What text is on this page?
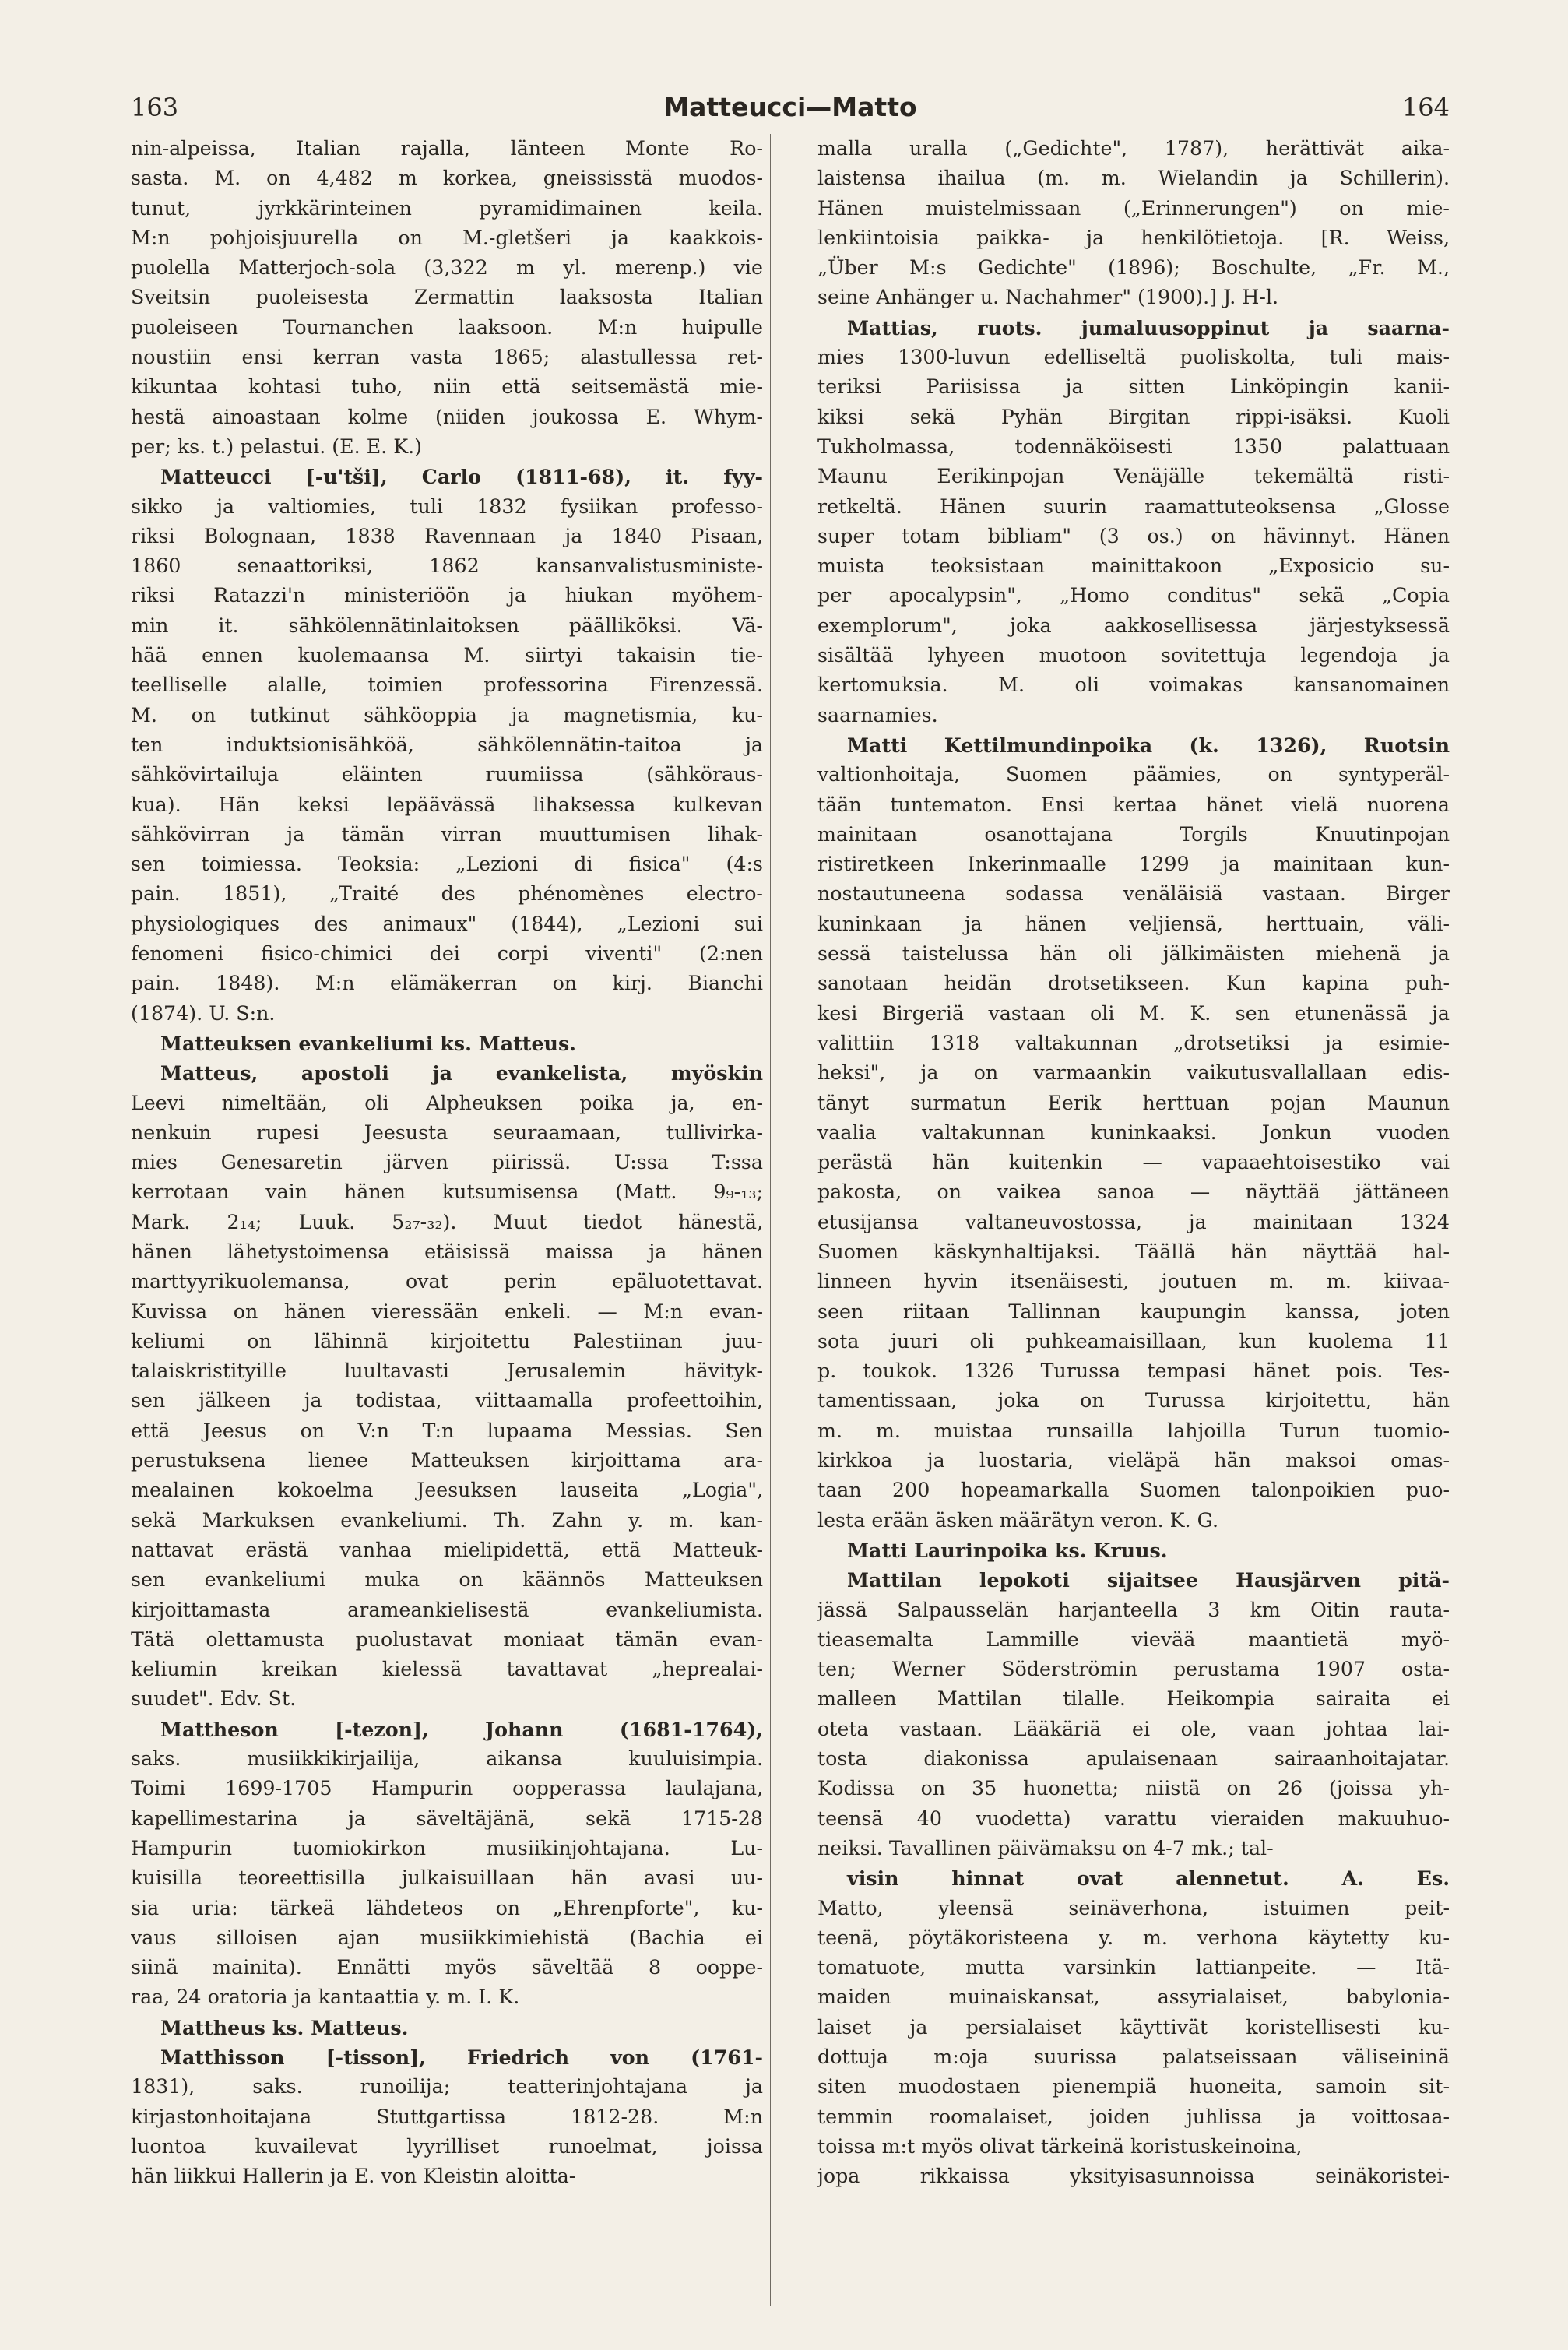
163	Matteucci—Matto	164
nin-alpeissa, Italian rajalla, länteen Monte Ro-
sasta. M. on 4,482 m korkea, gneississtä muodos-
tunut, jyrkkärinteinen pyramidimainen keila.
M:n pohjoisjuurella on M.-gletšeri ja kaakkois-
puolella Matterjoch-sola (3,322 m yl. merenp.) vie
Sveitsin puoleisesta Zermattin laaksosta Italian
puoleiseen Tournanchen laaksoon. M:n huipulle
noustiin ensi kerran vasta 1865; alastullessa ret-
kikuntaa kohtasi tuho, niin että seitsemästä mie-
hestä ainoastaan kolme (niiden joukossa E. Whym-
per; ks. t.) pelastui. (E. E. K.)
Matteucci [-u'tši], Carlo (1811-68), it. fyy-
sikko ja valtiomies, tuli 1832 fysiikan professo-
riksi Bolognaan, 1838 Ravennaan ja 1840 Pisaan,
1860 senaattoriksi, 1862 kansanvalistusministe-
riksi Ratazzi'n ministeriöön ja hiukan myöhem-
min it. sähkölennätinlaitoksen päälliköksi. Vä-
hää ennen kuolemaansa M. siirtyi takaisin tie-
teelliselle alalle, toimien professorina Firenzessä.
M. on tutkinut sähköoppia ja magnetismia, ku-
ten induktsionisähköä, sähkölennätin-taitoa ja
sähkövirtailuja eläinten ruumiissa (sähköraus-
kua). Hän keksi lepäävässä lihaksessa kulkevan
sähkövirran ja tämän virran muuttumisen lihak-
sen toimiessa. Teoksia: „Lezioni di fisica" (4:s
pain. 1851), „Traité des phénomènes electro-
physiologiques des animaux" (1844), „Lezioni sui
fenomeni fisico-chimici dei corpi viventi" (2:nen
pain. 1848). M:n elämäkerran on kirj. Bianchi
(1874). U. S:n.
Matteuksen evankeliumi ks. Matteus.
Matteus, apostoli ja evankelista, myöskin
Leevi nimeltään, oli Alpheuksen poika ja, en-
nenkuin rupesi Jeesusta seuraamaan, tullivirka-
mies Genesaretin järven piirissä. U:ssa T:ssa
kerrotaan vain hänen kutsumisensa (Matt. 9₉-₁₃;
Mark. 2₁₄; Luuk. 5₂₇-₃₂). Muut tiedot hänestä,
hänen lähetystoimensa etäisissä maissa ja hänen
marttyyrikuolemansa, ovat perin epäluotettavat.
Kuvissa on hänen vieressään enkeli. — M:n evan-
keliumi on lähinnä kirjoitettu Palestiinan juu-
talaiskristityille luultavasti Jerusalemin hävityk-
sen jälkeen ja todistaa, viittaamalla profeettoihin,
että Jeesus on V:n T:n lupaama Messias. Sen
perustuksena lienee Matteuksen kirjoittama ara-
mealainen kokoelma Jeesuksen lauseita „Logia",
sekä Markuksen evankeliumi. Th. Zahn y. m. kan-
nattavat erästä vanhaa mielipidettä, että Matteuk-
sen evankeliumi muka on käännös Matteuksen
kirjoittamasta arameankielisestä evankeliumista.
Tätä olettamusta puolustavat moniaat tämän evan-
keliumin kreikan kielessä tavattavat „heprealai-
suudet". Edv. St.
Mattheson [-tezon], Johann (1681-1764),
saks. musiikkikirjailija, aikansa kuuluisimpia.
Toimi 1699-1705 Hampurin oopperassa laulajana,
kapellimestarina ja säveltäjänä, sekä 1715-28
Hampurin tuomiokirkon musiikinjohtajana. Lu-
kuisilla teoreettisilla julkaisuillaan hän avasi uu-
sia uria: tärkeä lähdeteos on „Ehrenpforte", ku-
vaus silloisen ajan musiikkimiehistä (Bachia ei
siinä mainita). Ennätti myös säveltää 8 ooppe-
raa, 24 oratoria ja kantaattia y. m. I. K.
Mattheus ks. Matteus.
Matthisson [-tisson], Friedrich von (1761-
1831), saks. runoilija; teatterinjohtajana ja
kirjastonhoitajana Stuttgartissa 1812-28. M:n
luontoa kuvailevat lyyrilliset runoelmat, joissa
hän liikkui Hallerin ja E. von Kleistin aloitta-
malla uralla („Gedichte", 1787), herättivät aika-
laistensa ihailua (m. m. Wielandin ja Schillerin).
Hänen muistelmissaan („Erinnerungen") on mie-
lenkiintoisia paikka- ja henkilötietoja. [R. Weiss,
„Über M:s Gedichte" (1896); Boschulte, „Fr. M.,
seine Anhänger u. Nachahmer" (1900).] J. H-l.
Mattias, ruots. jumaluusoppinut ja saarna-
mies 1300-luvun edelliseltä puoliskolta, tuli mais-
teriksi Pariisissa ja sitten Linköpingin kanii-
kiksi sekä Pyhän Birgitan rippi-isäksi. Kuoli
Tukholmassa, todennäköisesti 1350 palattuaan
Maunu Eerikinpojan Venäjälle tekemältä risti-
retkeltä. Hänen suurin raamattuteoksensa „Glosse
super totam bibliam" (3 os.) on hävinnyt. Hänen
muista teoksistaan mainittakoon „Exposicio su-
per apocalypsin", „Homo conditus" sekä „Copia
exemplorum", joka aakkosellisessa järjestyksessä
sisältää lyhyeen muotoon sovitettuja legendoja ja
kertomuksia. M. oli voimakas kansanomainen
saarnamies.
Matti Kettilmundinpoika (k. 1326), Ruotsin
valtionhoitaja, Suomen päämies, on syntyperäl-
tään tuntematon. Ensi kertaa hänet vielä nuorena
mainitaan osanottajana Torgils Knuutinpojan
ristiretkeen Inkerinmaalle 1299 ja mainitaan kun-
nostautuneena sodassa venäläisiä vastaan. Birger
kuninkaan ja hänen veljiensä, herttuain, väli-
sessä taistelussa hän oli jälkimäisten miehenä ja
sanotaan heidän drotsetikseen. Kun kapina puh-
kesi Birgeriä vastaan oli M. K. sen etunenässä ja
valittiin 1318 valtakunnan „drotsetiksi ja esimie-
heksi", ja on varmaankin vaikutusvallallaan edis-
tänyt surmatun Eerik herttuan pojan Maunun
vaalia valtakunnan kuninkaaksi. Jonkun vuoden
perästä hän kuitenkin — vapaaehtoisestiko vai
pakosta, on vaikea sanoa — näyttää jättäneen
etusijansa valtaneuvostossa, ja mainitaan 1324
Suomen käskynhaltijaksi. Täällä hän näyttää hal-
linneen hyvin itsenäisesti, joutuen m. m. kiivaa-
seen riitaan Tallinnan kaupungin kanssa, joten
sota juuri oli puhkeamaisillaan, kun kuolema 11
p. toukok. 1326 Turussa tempasi hänet pois. Tes-
tamentissaan, joka on Turussa kirjoitettu, hän
m. m. muistaa runsailla lahjoilla Turun tuomio-
kirkkoa ja luostaria, vieläpä hän maksoi omas-
taan 200 hopeamarkalla Suomen talonpoikien puo-
lesta erään äsken määrätyn veron. K. G.
Matti Laurinpoika ks. Kruus.
Mattilan lepokoti sijaitsee Hausjärven pitä-
jässä Salpausselän harjanteella 3 km Oitin rauta-
tieasemalta Lammille vievää maantietä myö-
ten; Werner Söderströmin perustama 1907 osta-
malleen Mattilan tilalle. Heikompia sairaita ei
oteta vastaan. Lääkäriä ei ole, vaan johtaa lai-
tosta diakonissa apulaisenaan sairaanhoitajatar.
Kodissa on 35 huonetta; niistä on 26 (joissa yh-
teensä 40 vuodetta) varattu vieraiden makuuhuo-
neiksi. Tavallinen päivämaksu on 4-7 mk.; tal-
visin hinnat ovat alennetut. A. Es.
Matto, yleensä seinäverhona, istuimen peit-
teenä, pöytäkoristeena y. m. verhona käytetty ku-
tomatuote, mutta varsinkin lattianpeite. — Itä-
maiden muinaiskansat, assyrialaiset, babylonia-
laiset ja persialaiset käyttivät koristellisesti ku-
dottuja m:oja suurissa palatseissaan väliseininä
siten muodostaen pienempiä huoneita, samoin sit-
temmin roomalaiset, joiden juhlissa ja voittosaa-
toissa m:t myös olivat tärkeinä koristuskeinoina,
jopa rikkaissa yksityisasunnoissa seinäkoristei-
